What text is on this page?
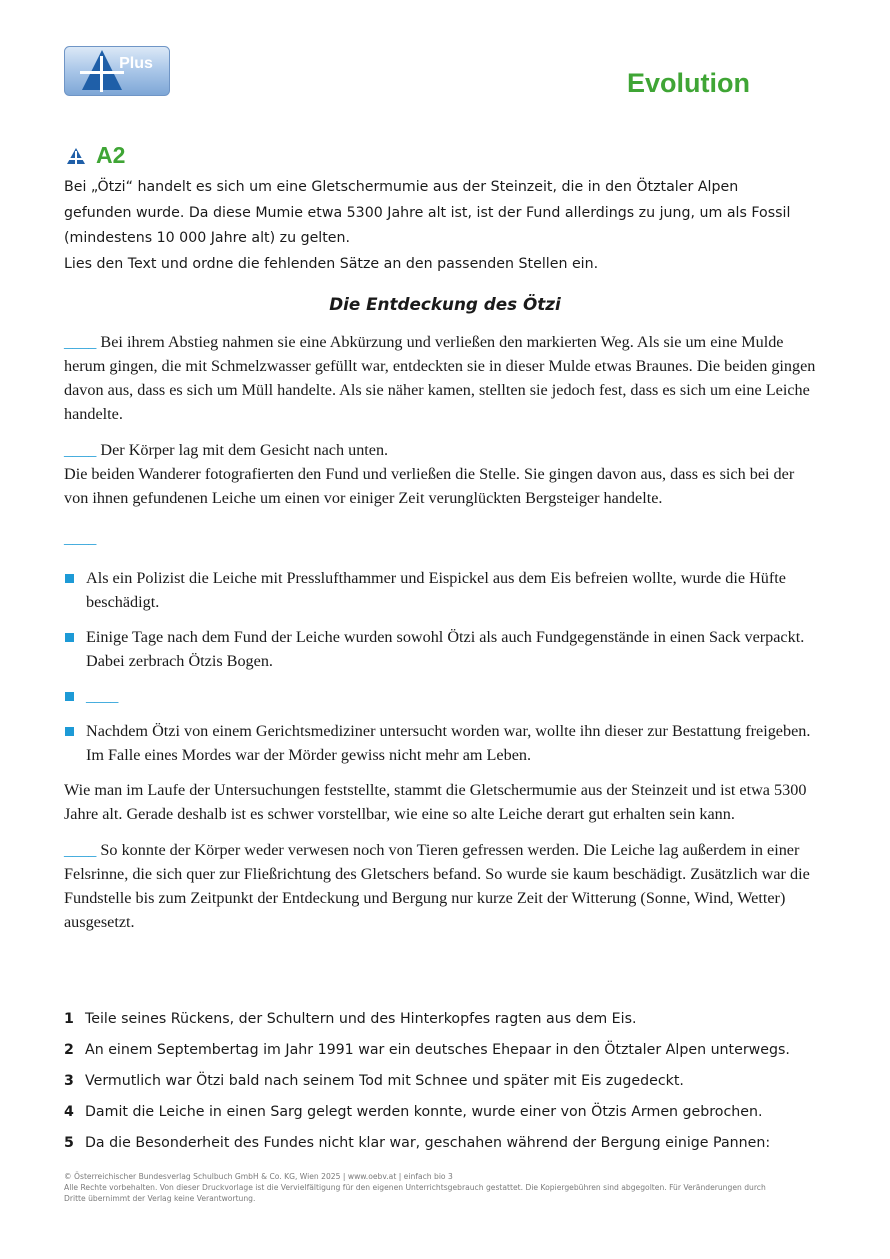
Plus
Evolution
A2

Bei „Ötzi“ handelt es sich um eine Gletschermumie aus der Steinzeit, die in den Ötztaler Alpen

gefunden wurde. Da diese Mumie etwa 5300 Jahre alt ist, ist der Fund allerdings zu jung, um als Fossil

(mindestens 10 000 Jahre alt) zu gelten.

Lies den Text und ordne die fehlenden Sätze an den passenden Stellen ein.

Die Entdeckung des Ötzi

____ Bei ihrem Abstieg nahmen sie eine Abkürzung und verließen den markierten Weg. Als sie um eine Mulde herum gingen, die mit Schmelzwasser gefüllt war, entdeckten sie in dieser Mulde etwas Braunes. Die beiden gingen davon aus, dass es sich um Müll handelte. Als sie näher kamen, stellten sie jedoch fest, dass es sich um eine Leiche handelte.

____ Der Körper lag mit dem Gesicht nach unten.
Die beiden Wanderer fotografierten den Fund und verließen die Stelle. Sie gingen davon aus, dass es sich bei der von ihnen gefundenen Leiche um einen vor einiger Zeit verunglückten Bergsteiger handelte.

____
Als ein Polizist die Leiche mit Presslufthammer und Eispickel aus dem Eis befreien wollte, wurde die Hüfte beschädigt.
Einige Tage nach dem Fund der Leiche wurden sowohl Ötzi als auch Fundgegenstände in einen Sack verpackt. Dabei zerbrach Ötzis Bogen.
____
Nachdem Ötzi von einem Gerichtsmediziner untersucht worden war, wollte ihn dieser zur Bestattung freigeben. Im Falle eines Mordes war der Mörder gewiss nicht mehr am Leben.

Wie man im Laufe der Untersuchungen feststellte, stammt die Gletschermumie aus der Steinzeit und ist etwa 5300 Jahre alt. Gerade deshalb ist es schwer vorstellbar, wie eine so alte Leiche derart gut erhalten sein kann.

____ So konnte der Körper weder verwesen noch von Tieren gefressen werden. Die Leiche lag außerdem in einer Felsrinne, die sich quer zur Fließrichtung des Gletschers befand. So wurde sie kaum beschädigt. Zusätzlich war die Fundstelle bis zum Zeitpunkt der Entdeckung und Bergung nur kurze Zeit der Witterung (Sonne, Wind, Wetter) ausgesetzt.

1 Teile seines Rückens, der Schultern und des Hinterkopfes ragten aus dem Eis.
2 An einem Septembertag im Jahr 1991 war ein deutsches Ehepaar in den Ötztaler Alpen unterwegs.
3 Vermutlich war Ötzi bald nach seinem Tod mit Schnee und später mit Eis zugedeckt.
4 Damit die Leiche in einen Sarg gelegt werden konnte, wurde einer von Ötzis Armen gebrochen.
5 Da die Besonderheit des Fundes nicht klar war, geschahen während der Bergung einige Pannen:
© Österreichischer Bundesverlag Schulbuch GmbH & Co. KG, Wien 2025 | www.oebv.at | einfach bio 3
Alle Rechte vorbehalten. Von dieser Druckvorlage ist die Vervielfältigung für den eigenen Unterrichtsgebrauch gestattet. Die Kopiergebühren sind abgegolten. Für Veränderungen durch
Dritte übernimmt der Verlag keine Verantwortung.
